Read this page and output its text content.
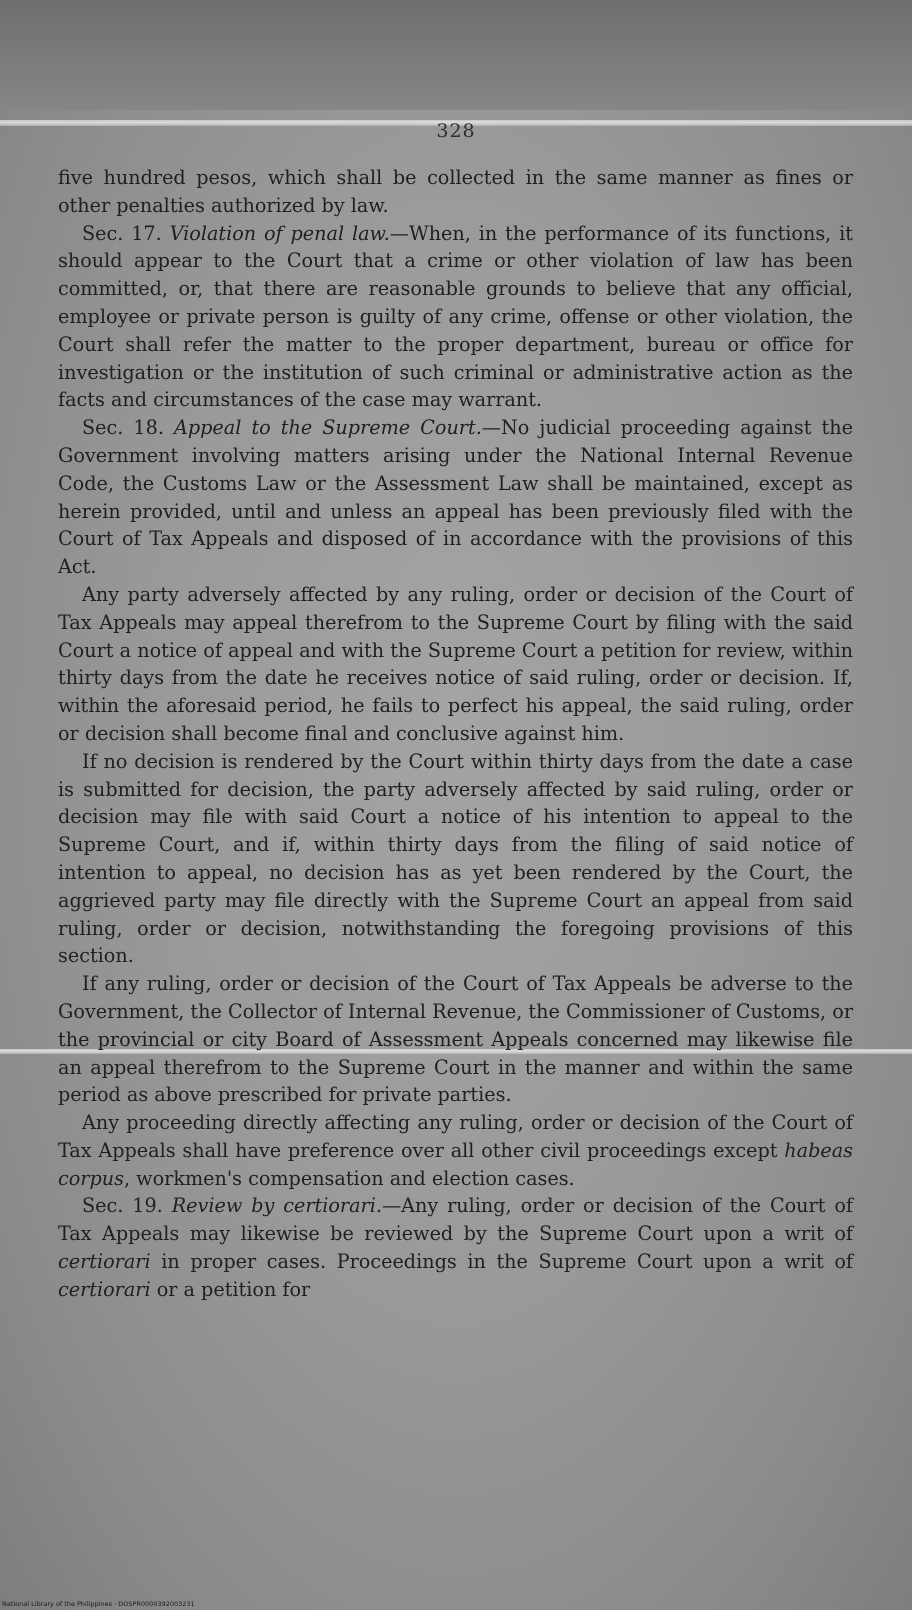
328

five hundred pesos, which shall be collected in the same manner as fines or other penalties authorized by law.

Sec. 17. Violation of penal law.—When, in the performance of its functions, it should appear to the Court that a crime or other violation of law has been committed, or, that there are reasonable grounds to believe that any official, employee or private person is guilty of any crime, offense or other violation, the Court shall refer the matter to the proper department, bureau or office for investigation or the institution of such criminal or administrative action as the facts and circumstances of the case may warrant.

Sec. 18. Appeal to the Supreme Court.—No judicial proceeding against the Government involving matters arising under the National Internal Revenue Code, the Customs Law or the Assessment Law shall be maintained, except as herein provided, until and unless an appeal has been previously filed with the Court of Tax Appeals and disposed of in accordance with the provisions of this Act.

Any party adversely affected by any ruling, order or decision of the Court of Tax Appeals may appeal therefrom to the Supreme Court by filing with the said Court a notice of appeal and with the Supreme Court a petition for review, within thirty days from the date he receives notice of said ruling, order or decision. If, within the aforesaid period, he fails to perfect his appeal, the said ruling, order or decision shall become final and conclusive against him.

If no decision is rendered by the Court within thirty days from the date a case is submitted for decision, the party adversely affected by said ruling, order or decision may file with said Court a notice of his intention to appeal to the Supreme Court, and if, within thirty days from the filing of said notice of intention to appeal, no decision has as yet been rendered by the Court, the aggrieved party may file directly with the Supreme Court an appeal from said ruling, order or decision, notwithstanding the foregoing provisions of this section.

If any ruling, order or decision of the Court of Tax Appeals be adverse to the Government, the Collector of Internal Revenue, the Commissioner of Customs, or the provincial or city Board of Assessment Appeals concerned may likewise file an appeal therefrom to the Supreme Court in the manner and within the same period as above prescribed for private parties.

Any proceeding directly affecting any ruling, order or decision of the Court of Tax Appeals shall have preference over all other civil proceedings except habeas corpus, workmen's compensation and election cases.

Sec. 19. Review by certiorari.—Any ruling, order or decision of the Court of Tax Appeals may likewise be reviewed by the Supreme Court upon a writ of certiorari in proper cases. Proceedings in the Supreme Court upon a writ of certiorari or a petition for

National Library of the Philippines · DOSPR0000392003231
